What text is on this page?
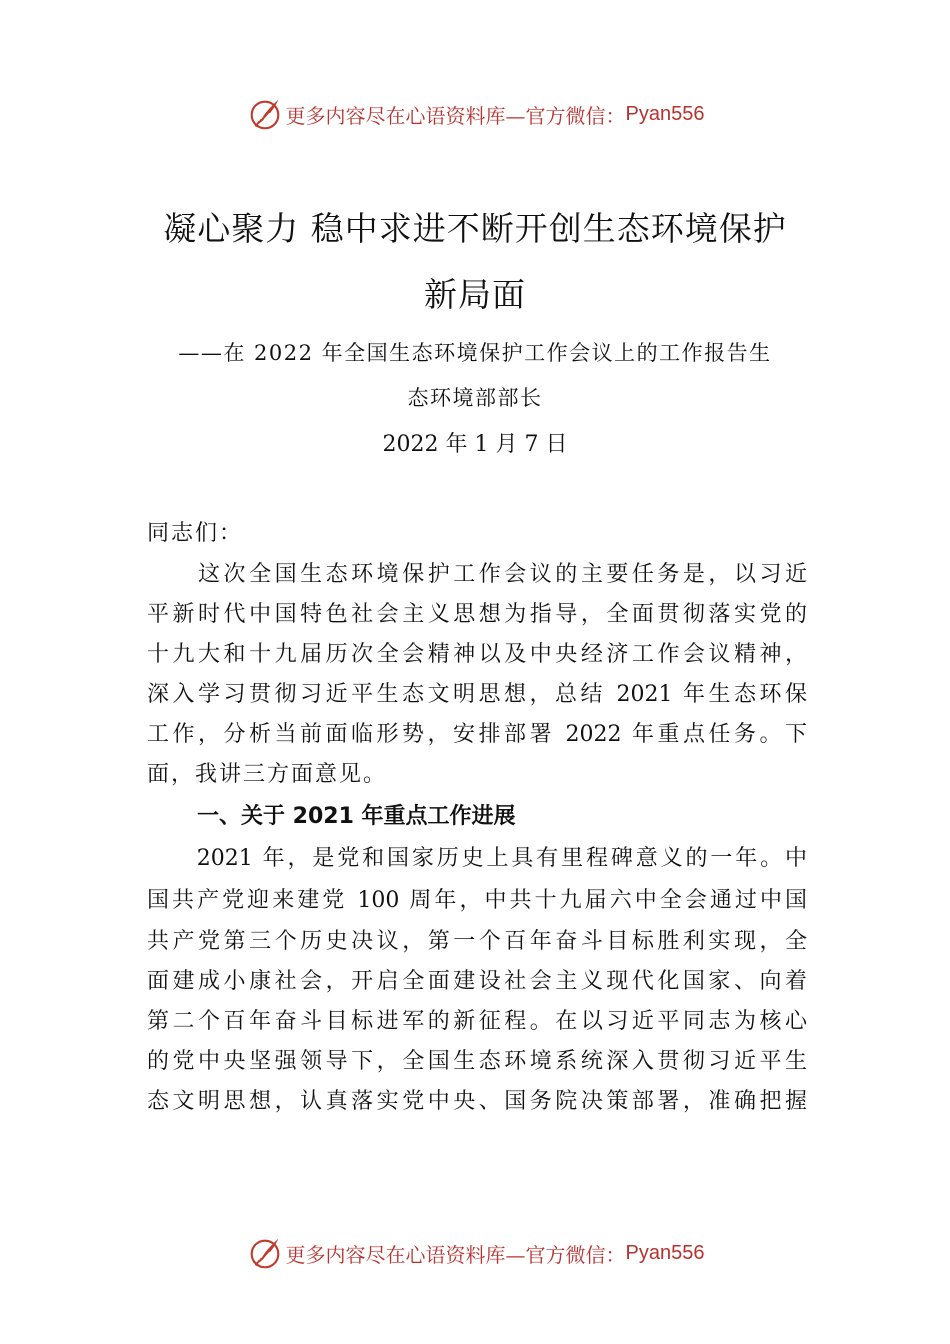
更多内容尽在心语资料库—官方微信： Pyan556
凝心聚力 稳中求进不断开创生态环境保护
新局面
——在 2022 年全国生态环境保护工作会议上的工作报告生
态环境部部长
2022 年 1 月 7 日
同志们：
　　这次全国生态环境保护工作会议的主要任务是，以习近
平新时代中国特色社会主义思想为指导，全面贯彻落实党的
十九大和十九届历次全会精神以及中央经济工作会议精神，
深入学习贯彻习近平生态文明思想，总结 2021 年生态环保
工作，分析当前面临形势，安排部署 2022 年重点任务。下
面，我讲三方面意见。
一、关于 2021 年重点工作进展
　　2021 年，是党和国家历史上具有里程碑意义的一年。中
国共产党迎来建党 100 周年，中共十九届六中全会通过中国
共产党第三个历史决议，第一个百年奋斗目标胜利实现，全
面建成小康社会，开启全面建设社会主义现代化国家、向着
第二个百年奋斗目标进军的新征程。在以习近平同志为核心
的党中央坚强领导下，全国生态环境系统深入贯彻习近平生
态文明思想，认真落实党中央、国务院决策部署，准确把握
更多内容尽在心语资料库—官方微信： Pyan556
